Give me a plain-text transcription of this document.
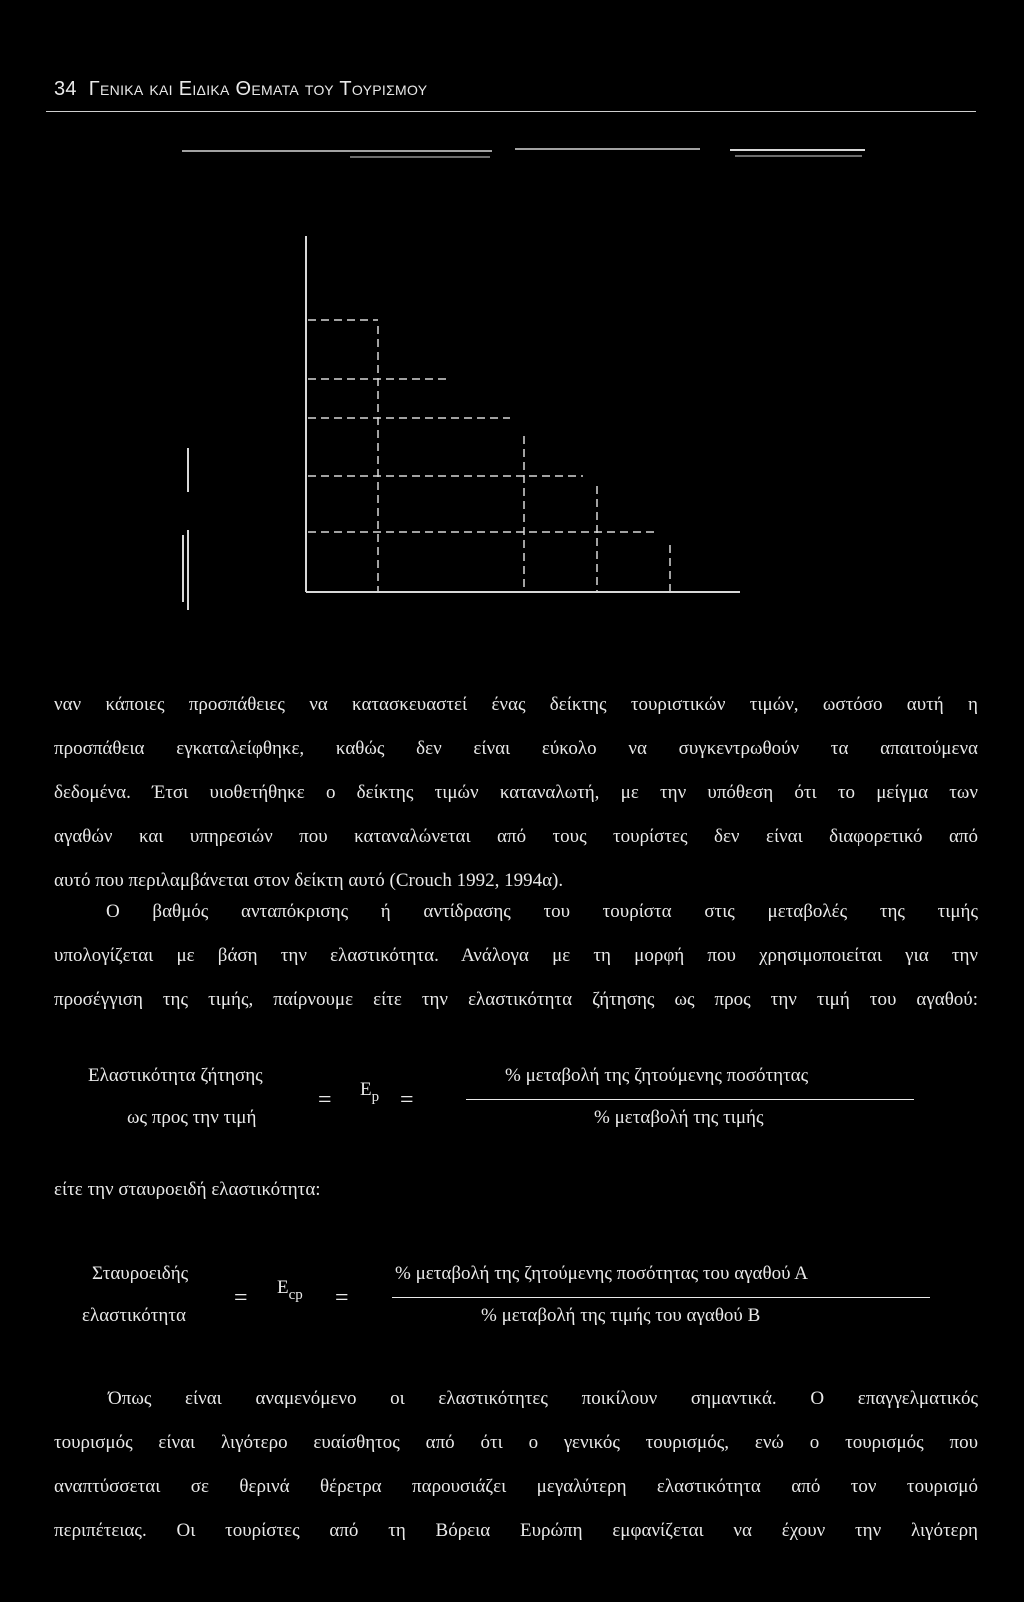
34 Γενικα και Ειδικα Θεματα του Τουρισμου

ναν κάποιες προσπάθειες να κατασκευαστεί ένας δείκτης τουριστικών τιμών, ωστόσο αυτή η
προσπάθεια εγκαταλείφθηκε, καθώς δεν είναι εύκολο να συγκεντρωθούν τα απαιτούμενα
δεδομένα. Έτσι υιοθετήθηκε ο δείκτης τιμών καταναλωτή, με την υπόθεση ότι το μείγμα των
αγαθών και υπηρεσιών που καταναλώνεται από τους τουρίστες δεν είναι διαφορετικό από
αυτό που περιλαμβάνεται στον δείκτη αυτό (Crouch 1992, 1994α).

Ο βαθμός ανταπόκρισης ή αντίδρασης του τουρίστα στις μεταβολές της τιμής
υπολογίζεται με βάση την ελαστικότητα. Ανάλογα με τη μορφή που χρησιμοποιείται για την
προσέγγιση της τιμής, παίρνουμε είτε την ελαστικότητα ζήτησης ως προς την τιμή του αγαθού:

Ελαστικότητα ζήτησης
ως προς την τιμή
= $E_p$ =
% μεταβολή της ζητούμενης ποσότητας
% μεταβολή της τιμής
είτε την σταυροειδή ελαστικότητα:
Σταυροειδής
ελαστικότητα
= $E_{cp}$ =
% μεταβολή της ζητούμενης ποσότητας του αγαθού Α
% μεταβολή της τιμής του αγαθού Β

Όπως είναι αναμενόμενο οι ελαστικότητες ποικίλουν σημαντικά. Ο επαγγελματικός
τουρισμός είναι λιγότερο ευαίσθητος από ότι ο γενικός τουρισμός, ενώ ο τουρισμός που
αναπτύσσεται σε θερινά θέρετρα παρουσιάζει μεγαλύτερη ελαστικότητα από τον τουρισμό
περιπέτειας. Οι τουρίστες από τη Βόρεια Ευρώπη εμφανίζεται να έχουν την λιγότερη
